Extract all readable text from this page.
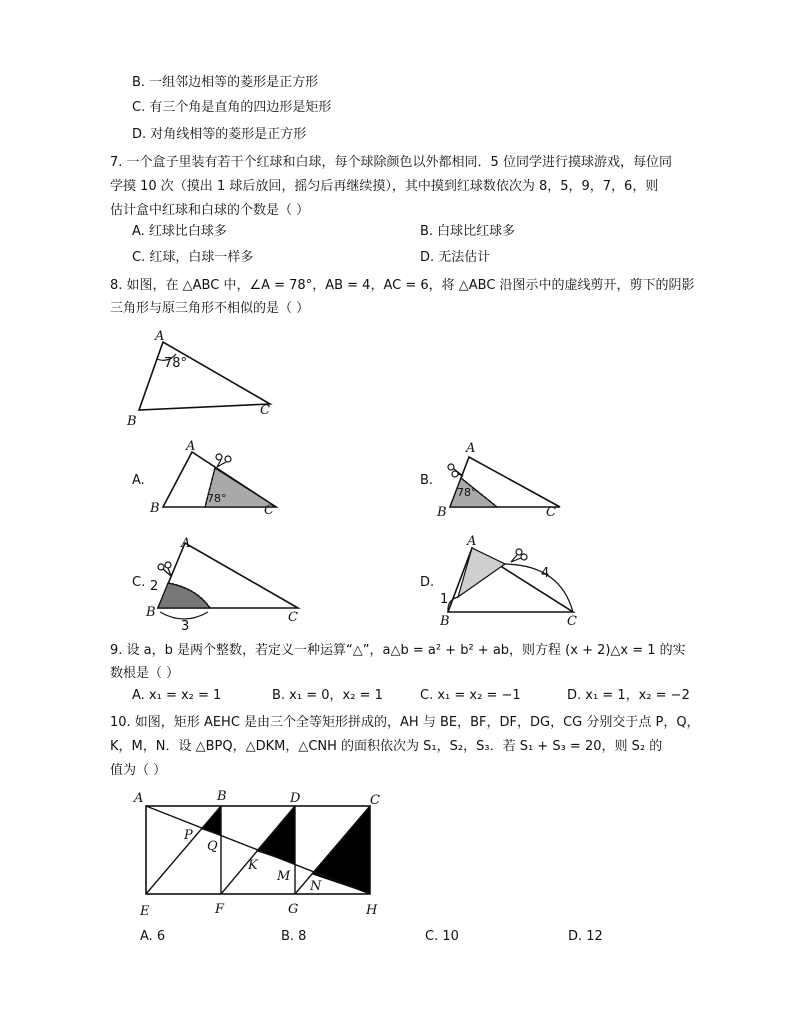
B. 一组邻边相等的菱形是正方形
C. 有三个角是直角的四边形是矩形
D. 对角线相等的菱形是正方形
7. 一个盒子里装有若干个红球和白球，每个球除颜色以外都相同．5 位同学进行摸球游戏，每位同
学摸 10 次（摸出 1 球后放回，摇匀后再继续摸），其中摸到红球数依次为 8，5，9，7，6，则
估计盒中红球和白球的个数是（ ）
A. 红球比白球多	B. 白球比红球多
C. 红球，白球一样多	D. 无法估计
8. 如图，在 △ABC 中，∠A = 78°，AB = 4，AC = 6，将 △ABC 沿图示中的虚线剪开，剪下的阴影
三角形与原三角形不相似的是（ ）
A
B
C
78°
A.
A
B	C
78°
B.
A
B	C
78°
C.
A
B	C
2
3
D.
A
B	C
1
4
9. 设 a，b 是两个整数，若定义一种运算“△”，a△b = a² + b² + ab，则方程 (x + 2)△x = 1 的实
数根是（ ）
A. x₁ = x₂ = 1	B. x₁ = 0，x₂ = 1	C. x₁ = x₂ = −1	D. x₁ = 1，x₂ = −2
10. 如图，矩形 AEHC 是由三个全等矩形拼成的，AH 与 BE，BF，DF，DG，CG 分别交于点 P，Q，
K，M，N．设 △BPQ，△DKM，△CNH 的面积依次为 S₁，S₂，S₃．若 S₁ + S₃ = 20，则 S₂ 的
值为（ ）
A	B	D	C
E	F	G	H
P
Q
K
M
N
A. 6	B. 8	C. 10	D. 12
